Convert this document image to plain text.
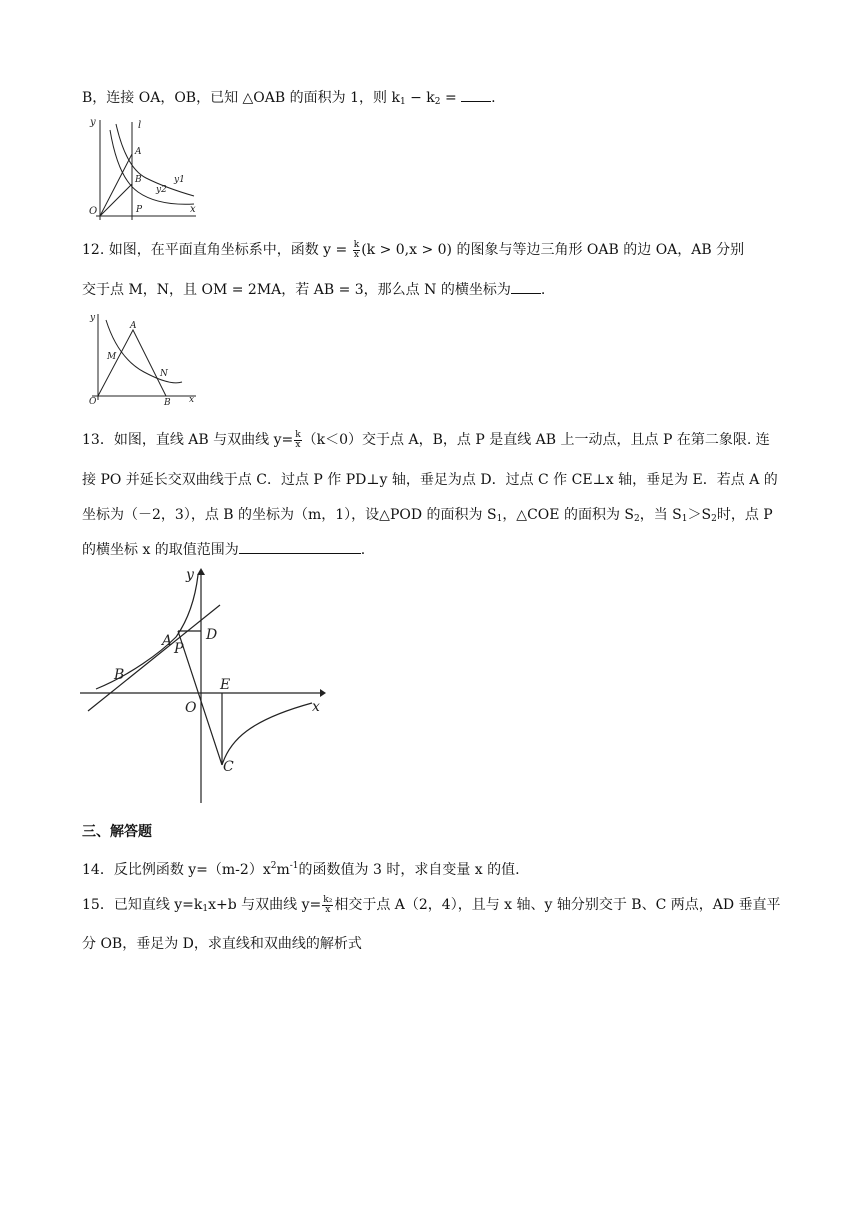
B，连接 OA，OB，已知 △OAB 的面积为 1，则 $k_1 - k_2$ = .
y	l
A
B	y1
y2
O	P	x
12. 如图，在平面直角坐标系中，函数 $y = \frac{k}{x} (k > 0,x > 0)$ 的图象与等边三角形 OAB 的边 OA，AB 分别
交于点 M，N，且 OM = 2MA，若 AB = 3，那么点 N 的横坐标为 .
y
A
M
N
O	B x
13．如图，直线 AB 与双曲线 $y= \frac{k}{x} (k<0)$交于点 A，B，点 P 是直线 AB 上一动点，且点 P 在第二象限. 连
接 PO 并延长交双曲线于点 C．过点 P 作 PD⊥y 轴，垂足为点 D．过点 C 作 CE⊥x 轴，垂足为 E．若点 A 的
坐标为（－2，3），点 B 的坐标为（m，1），设△POD 的面积为 $S_1$，△COE 的面积为 $S_2$，当 $S_1>S_2$时，点 P
的横坐标 x 的取值范围为	.
y
D
A P
B
O
E
x
C
三、解答题
14．反比例函数 $y=(m-2)x^2m^{-1}$的函数值为 3 时，求自变量 x 的值.
15．已知直线 $y=k_1x+b$ 与双曲线 $y= \frac{\text{k₂}}{x}$ 相交于点 A（2，4），且与 x 轴、y 轴分别交于 B、C 两点，AD 垂直平
分 OB，垂足为 D，求直线和双曲线的解析式
